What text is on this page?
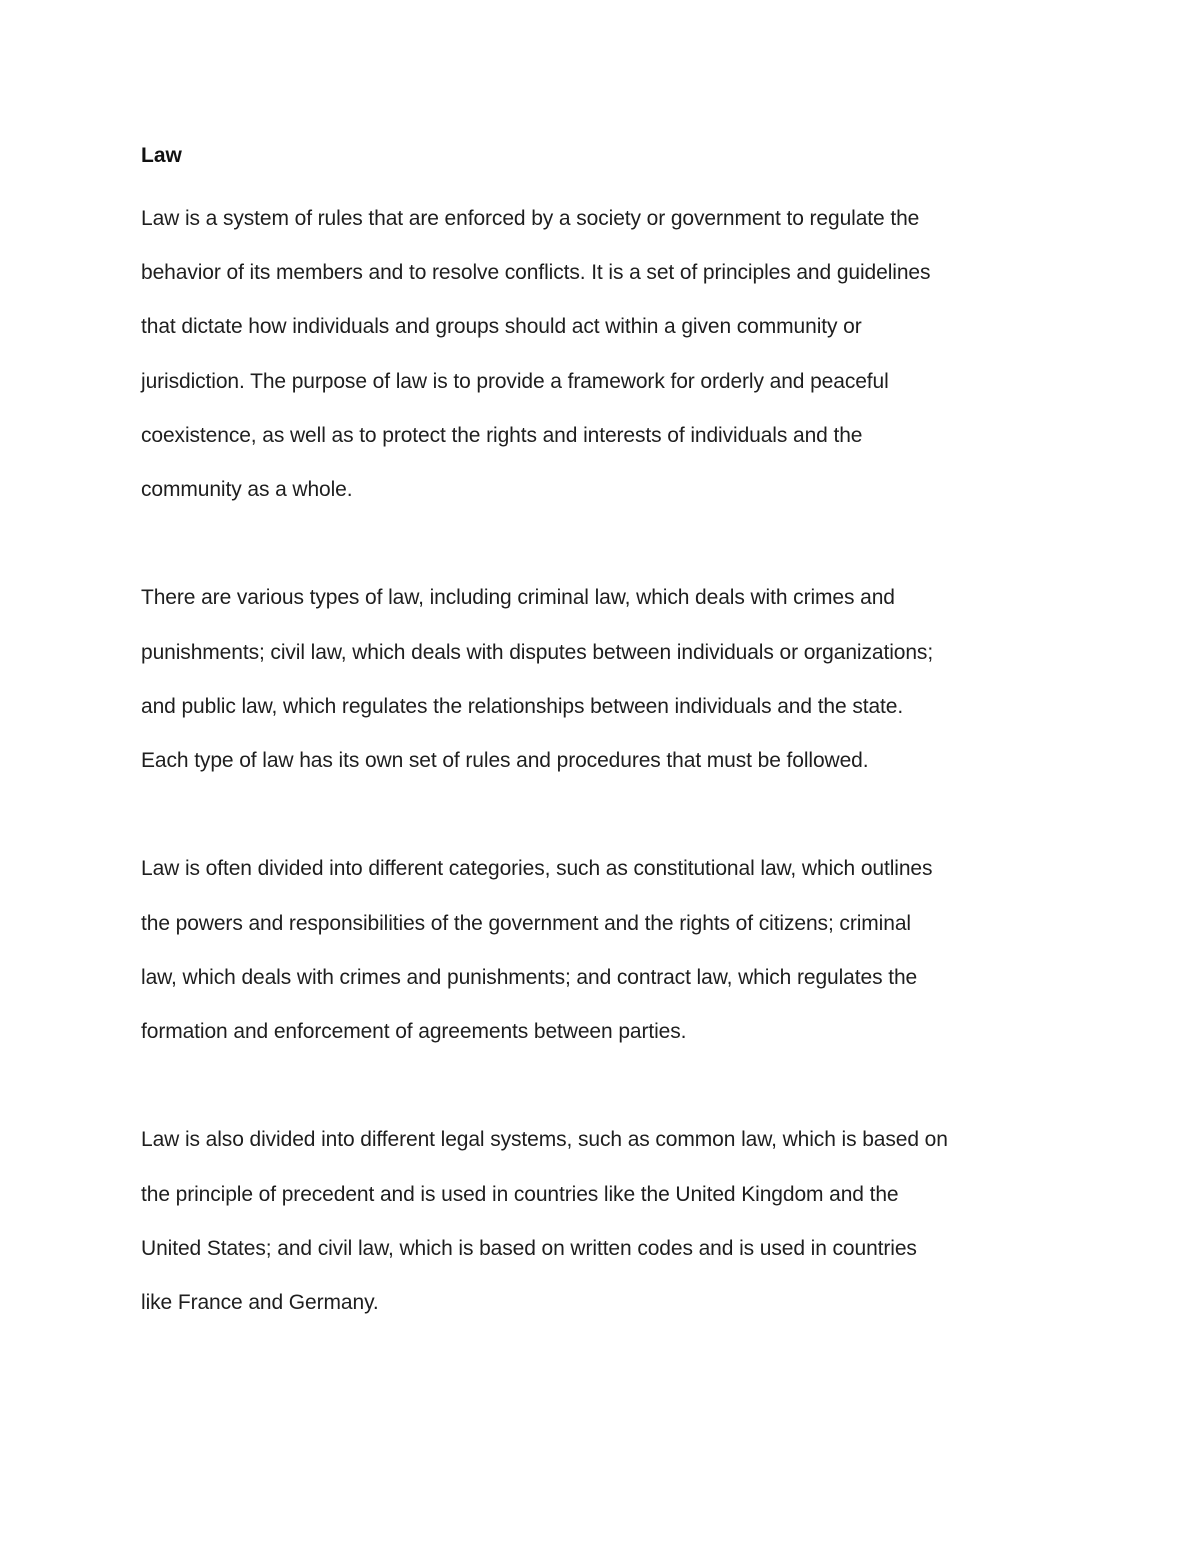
Law
Law is a system of rules that are enforced by a society or government to regulate the
behavior of its members and to resolve conflicts. It is a set of principles and guidelines
that dictate how individuals and groups should act within a given community or
jurisdiction. The purpose of law is to provide a framework for orderly and peaceful
coexistence, as well as to protect the rights and interests of individuals and the
community as a whole.
There are various types of law, including criminal law, which deals with crimes and
punishments; civil law, which deals with disputes between individuals or organizations;
and public law, which regulates the relationships between individuals and the state.
Each type of law has its own set of rules and procedures that must be followed.
Law is often divided into different categories, such as constitutional law, which outlines
the powers and responsibilities of the government and the rights of citizens; criminal
law, which deals with crimes and punishments; and contract law, which regulates the
formation and enforcement of agreements between parties.
Law is also divided into different legal systems, such as common law, which is based on
the principle of precedent and is used in countries like the United Kingdom and the
United States; and civil law, which is based on written codes and is used in countries
like France and Germany.
